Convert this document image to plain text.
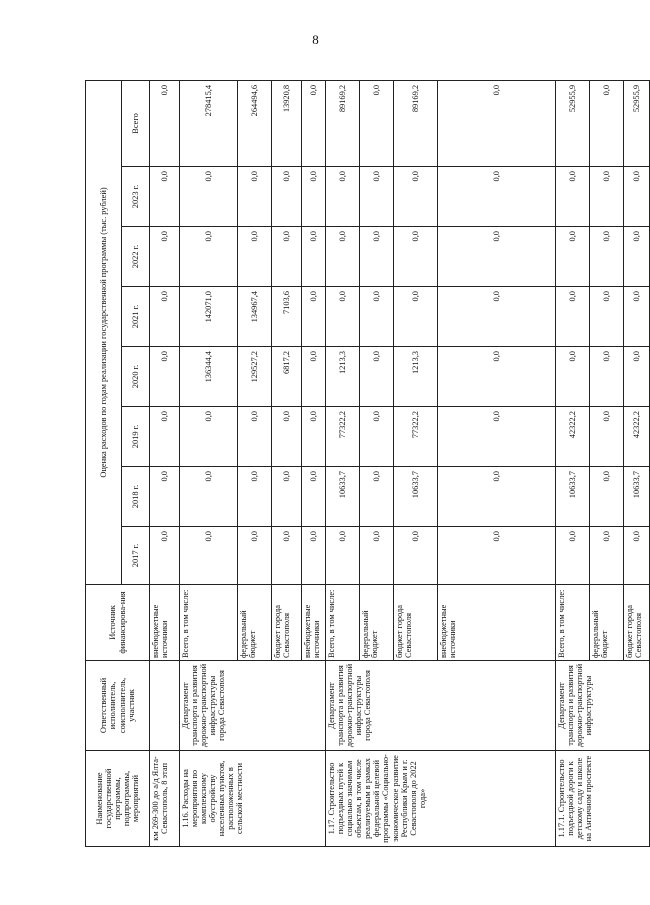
8
Наименование государственной программы, подпрограммы, мероприятий	Ответственный исполнитель, соисполнитель, участник	Источник финансирова-ния	Оценка расходов по годам реализации государственной программы (тыс. рублей)							
			2017 г.	2018 г.	2019 г.	2020 г.	2021 г.	2022 г.	2023 г.	Всего
км 269-300 до а/д Ялта-Севастополь, 8 этап		внебюджетные источники	0,0	0,0	0,0	0,0	0,0	0,0	0,0	0,0
1.16. Расходы на мероприятия по комплексному обустройству населенных пунктов, расположенных в сельской местности	Департамент транспорта и развития дорожно-транспортной инфраструктуры города Севастополя	Всего, в том числе:	0,0	0,0	0,0	136344,4	142071,0	0,0	0,0	278415,4
		федеральный бюджет	0,0	0,0	0,0	129527,2	134967,4	0,0	0,0	264494,6
		бюджет города Севастополя	0,0	0,0	0,0	6817,2	7103,6	0,0	0,0	13920,8
		внебюджетные источники	0,0	0,0	0,0	0,0	0,0	0,0	0,0	0,0
1.17. Строительство подъездных путей к социально значимым объектам, в том числе реализуемым в рамках федеральной целевой программы «Социально-экономическое развитие Республики Крым и г. Севастополя до 2022 года»	Департамент транспорта и развития дорожно-транспортной инфраструктуры города Севастополя	Всего, в том числе:	0,0	10633,7	77322,2	1213,3	0,0	0,0	0,0	89169,2
		федеральный бюджет	0,0	0,0	0,0	0,0	0,0	0,0	0,0	0,0
		бюджет города Севастополя	0,0	10633,7	77322,2	1213,3	0,0	0,0	0,0	89169,2
		внебюджетные источники	0,0	0,0	0,0	0,0	0,0	0,0	0,0	0,0
1.17.1. Строительство подъездной дороги к детскому саду и школе на Античном проспекте	Департамент транспорта и развития дорожно-транспортной инфраструктуры	Всего, в том числе:	0,0	10633,7	42322,2	0,0	0,0	0,0	0,0	52955,9
		федеральный бюджет	0,0	0,0	0,0	0,0	0,0	0,0	0,0	0,0
		бюджет города Севастополя	0,0	10633,7	42322,2	0,0	0,0	0,0	0,0	52955,9
